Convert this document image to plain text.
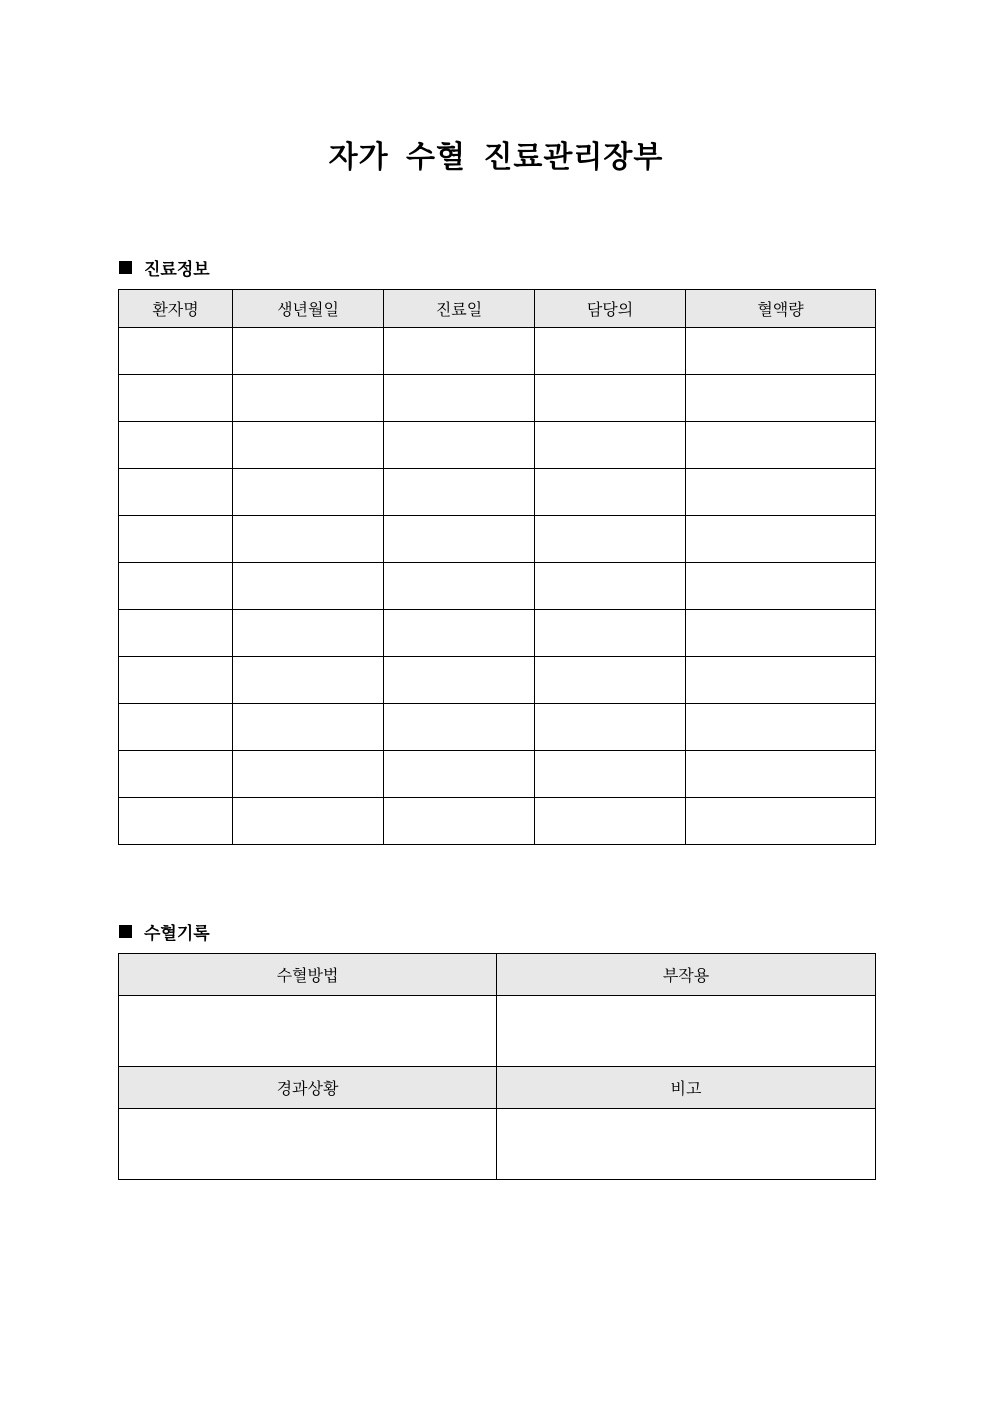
자가 수혈 진료관리장부
진료정보
환자명	생년월일	진료일	담당의	혈액량

수혈기록
수혈방법	부작용

경과상황	비고
